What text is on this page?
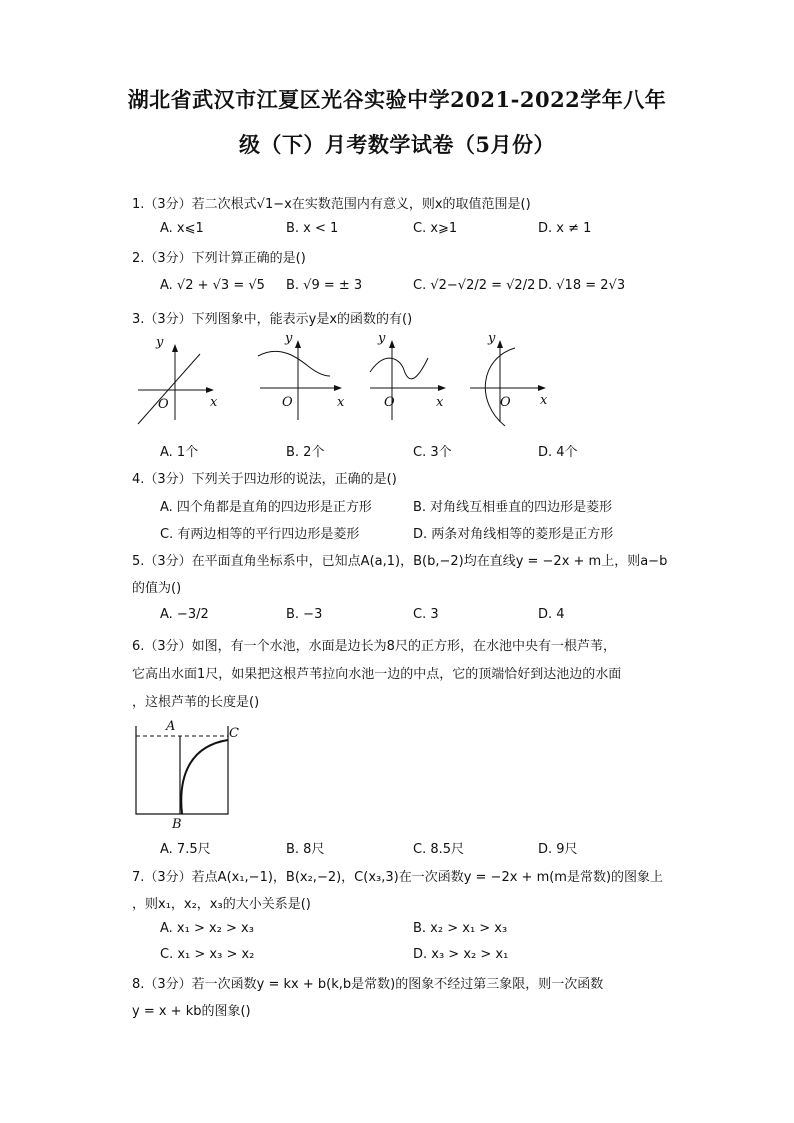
湖北省武汉市江夏区光谷实验中学2021-2022学年八年
级（下）月考数学试卷（5月份）
1.（3分）若二次根式√1−x在实数范围内有意义，则x的取值范围是()
A. x⩽1	B. x < 1	C. x⩾1	D. x ≠ 1
2.（3分）下列计算正确的是()
A. √2 + √3 = √5 B. √9 = ± 3	C. √2−√2/2 = √2/2 D. √18 = 2√3
3.（3分）下列图象中，能表示y是x的函数的有()
y
x
O
y
x
O
y
x
O
y
x
O
A. 1个	B. 2个	C. 3个	D. 4个
4.（3分）下列关于四边形的说法，正确的是()
A. 四个角都是直角的四边形是正方形	B. 对角线互相垂直的四边形是菱形
C. 有两边相等的平行四边形是菱形	D. 两条对角线相等的菱形是正方形
5.（3分）在平面直角坐标系中，已知点A(a,1)，B(b,−2)均在直线y = −2x + m上，则a−b
的值为()
A. −3/2	B. −3	C. 3	D. 4
6.（3分）如图，有一个水池，水面是边长为8尺的正方形，在水池中央有一根芦苇，
它高出水面1尺，如果把这根芦苇拉向水池一边的中点，它的顶端恰好到达池边的水面
，这根芦苇的长度是()
A
B
C
A. 7.5尺	B. 8尺	C. 8.5尺	D. 9尺
7.（3分）若点A(x₁,−1)，B(x₂,−2)，C(x₃,3)在一次函数y = −2x + m(m是常数)的图象上
，则x₁，x₂，x₃的大小关系是()
A. x₁ > x₂ > x₃	B. x₂ > x₁ > x₃
C. x₁ > x₃ > x₂	D. x₃ > x₂ > x₁
8.（3分）若一次函数y = kx + b(k,b是常数)的图象不经过第三象限，则一次函数
y = x + kb的图象()
